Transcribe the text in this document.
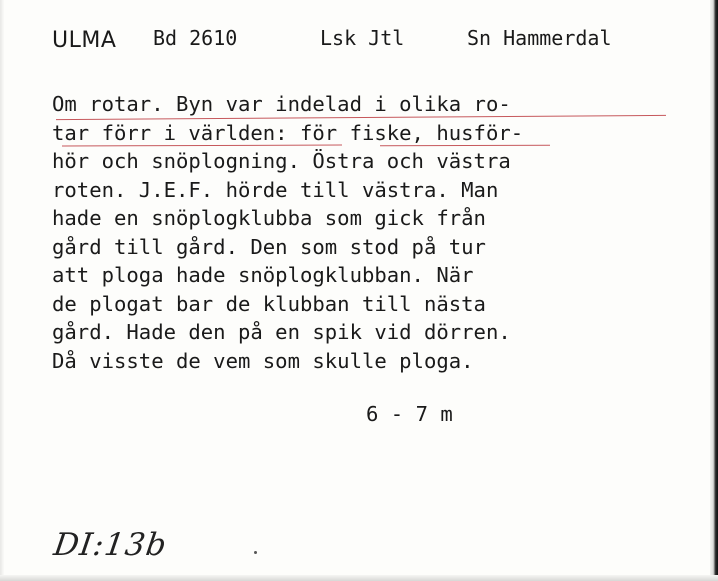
ULMA Bd 2610	Lsk Jtl	Sn Hammerdal
Om rotar. Byn var indelad i olika ro-
tar förr i världen: för fiske, husför-
hör och snöplogning. Östra och västra
roten. J.E.F. hörde till västra. Man
hade en snöplogklubba som gick från
gård till gård. Den som stod på tur
att ploga hade snöplogklubban. När
de plogat bar de klubban till nästa
gård. Hade den på en spik vid dörren.
Då visste de vem som skulle ploga.
6 - 7 m
DI:13b
